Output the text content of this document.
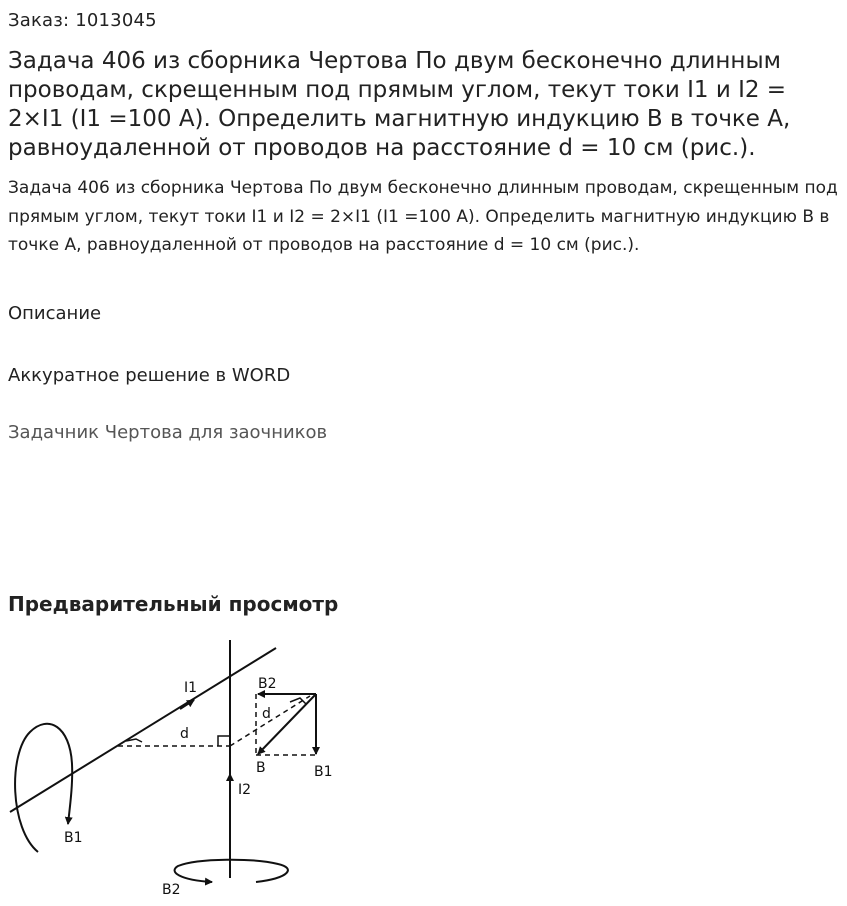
Заказ: 1013045
Задача 406 из сборника Чертова По двум бесконечно длинным проводам, скрещенным под прямым углом, текут токи I1 и I2 = 2×I1 (I1 =100 А). Определить магнитную индукцию В в точке А, равноудаленной от проводов на расстояние d = 10 см (рис.).

Задача 406 из сборника Чертова По двум бесконечно длинным проводам, скрещенным под прямым углом, текут токи I1 и I2 = 2×I1 (I1 =100 А). Определить магнитную индукцию В в точке А, равноудаленной от проводов на расстояние d = 10 см (рис.).

Описание
Аккуратное решение в WORD
Задачник Чертова для заочников
Предварительный просмотр
I1
I2
B2
B1
B
d
d
B1
B2
